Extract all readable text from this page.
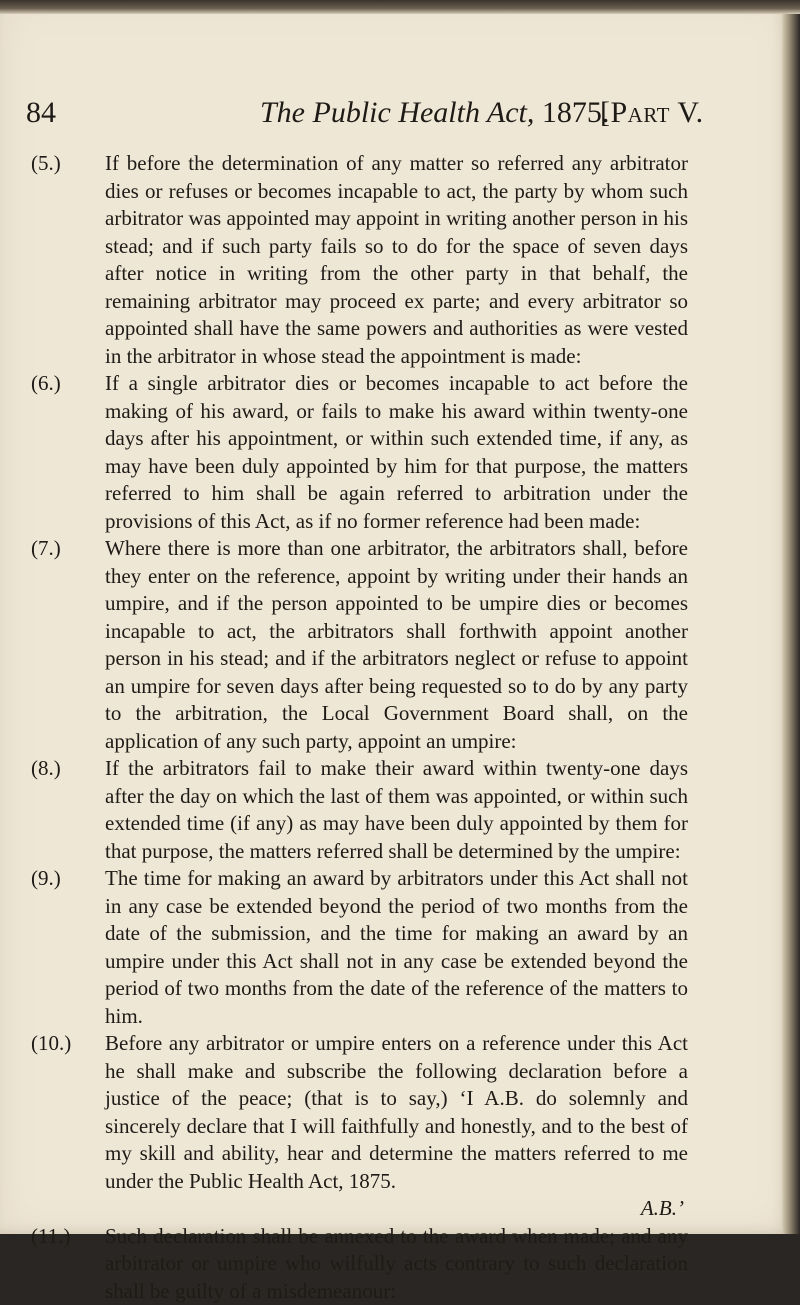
84	The Public Health Act, 1875.
[Part V.

(5.) If before the determination of any matter so referred any arbitrator dies or refuses or becomes incapable to act, the party by whom such arbitrator was appointed may appoint in writing another person in his stead; and if such party fails so to do for the space of seven days after notice in writing from the other party in that behalf, the remaining arbitrator may proceed ex parte; and every arbitrator so appointed shall have the same powers and authorities as were vested in the arbitrator in whose stead the appointment is made:

(6.) If a single arbitrator dies or becomes incapable to act before the making of his award, or fails to make his award within twenty-one days after his appointment, or within such extended time, if any, as may have been duly appointed by him for that purpose, the matters referred to him shall be again referred to arbitration under the provisions of this Act, as if no former reference had been made:

(7.) Where there is more than one arbitrator, the arbitrators shall, before they enter on the reference, appoint by writing under their hands an umpire, and if the person appointed to be umpire dies or becomes incapable to act, the arbitrators shall forthwith appoint another person in his stead; and if the arbitrators neglect or refuse to appoint an umpire for seven days after being requested so to do by any party to the arbitration, the Local Government Board shall, on the application of any such party, appoint an umpire:

(8.) If the arbitrators fail to make their award within twenty-one days after the day on which the last of them was appointed, or within such extended time (if any) as may have been duly appointed by them for that purpose, the matters referred shall be determined by the umpire:

(9.) The time for making an award by arbitrators under this Act shall not in any case be extended beyond the period of two months from the date of the submission, and the time for making an award by an umpire under this Act shall not in any case be extended beyond the period of two months from the date of the reference of the matters to him.

(10.) Before any arbitrator or umpire enters on a reference under this Act he shall make and subscribe the following declaration before a justice of the peace; (that is to say,) ‘I A.B. do solemnly and sincerely declare that I will faithfully and honestly, and to the best of my skill and ability, hear and determine the matters referred to me under the Public Health Act, 1875.

A.B.’

(11.) Such declaration shall be annexed to the award when made; and any arbitrator or umpire who wilfully acts contrary to such declaration shall be guilty of a misdemeanour:
